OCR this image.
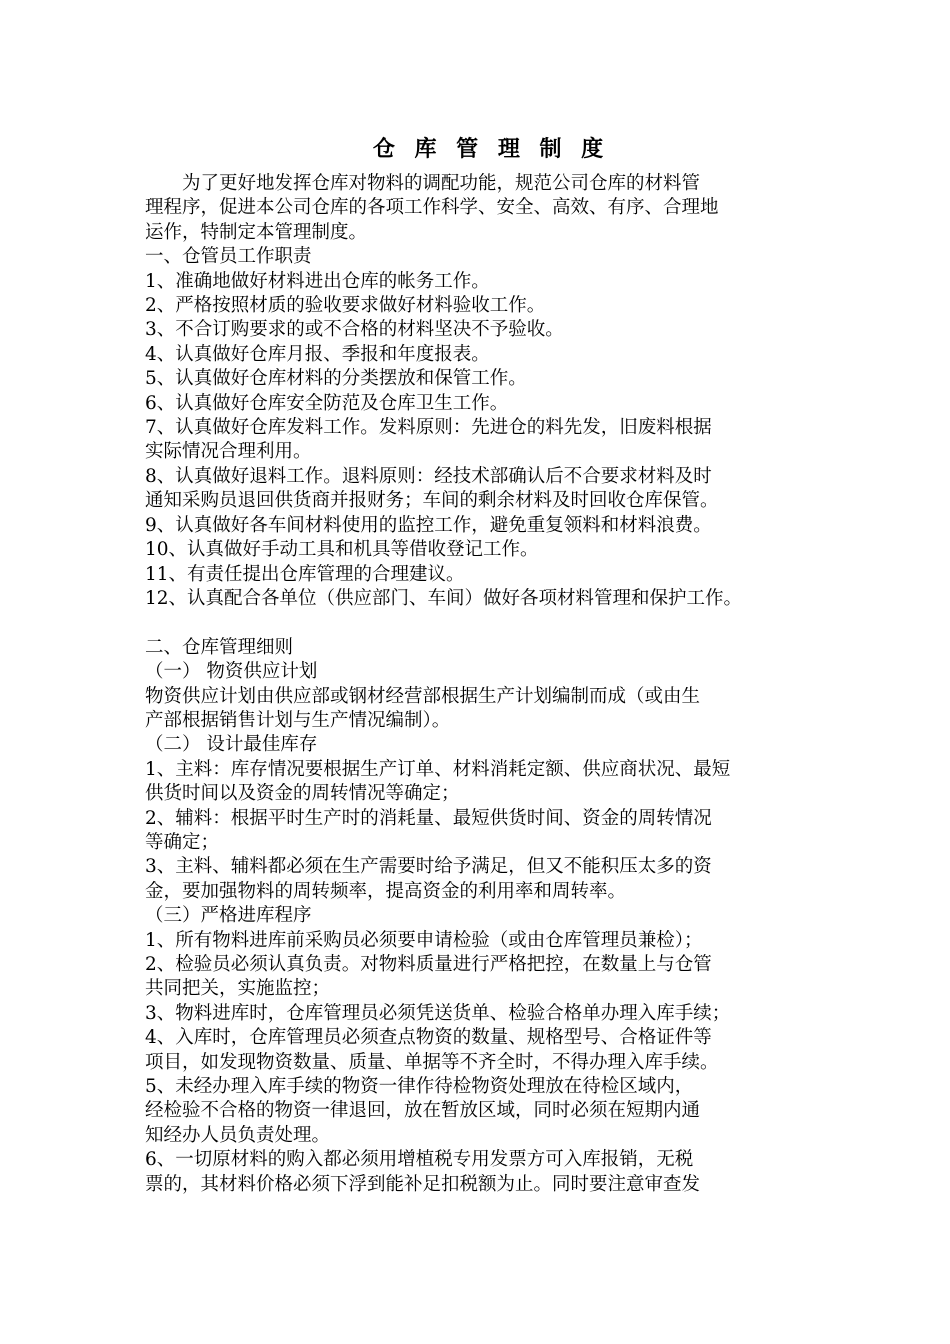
仓 库 管 理 制 度
为了更好地发挥仓库对物料的调配功能，规范公司仓库的材料管
理程序，促进本公司仓库的各项工作科学、安全、高效、有序、合理地
运作，特制定本管理制度。
一、仓管员工作职责
1、准确地做好材料进出仓库的帐务工作。
2、严格按照材质的验收要求做好材料验收工作。
3、不合订购要求的或不合格的材料坚决不予验收。
4、认真做好仓库月报、季报和年度报表。
5、认真做好仓库材料的分类摆放和保管工作。
6、认真做好仓库安全防范及仓库卫生工作。
7、认真做好仓库发料工作。发料原则：先进仓的料先发，旧废料根据
实际情况合理利用。
8、认真做好退料工作。退料原则：经技术部确认后不合要求材料及时
通知采购员退回供货商并报财务；车间的剩余材料及时回收仓库保管。
9、认真做好各车间材料使用的监控工作，避免重复领料和材料浪费。
10、认真做好手动工具和机具等借收登记工作。
11、有责任提出仓库管理的合理建议。
12、认真配合各单位（供应部门、车间）做好各项材料管理和保护工作。
二、仓库管理细则
（一） 物资供应计划
物资供应计划由供应部或钢材经营部根据生产计划编制而成（或由生
产部根据销售计划与生产情况编制）。
（二） 设计最佳库存
1、主料：库存情况要根据生产订单、材料消耗定额、供应商状况、最短
供货时间以及资金的周转情况等确定；
2、辅料：根据平时生产时的消耗量、最短供货时间、资金的周转情况
等确定；
3、主料、辅料都必须在生产需要时给予满足，但又不能积压太多的资
金，要加强物料的周转频率，提高资金的利用率和周转率。
（三）严格进库程序
1、所有物料进库前采购员必须要申请检验（或由仓库管理员兼检）；
2、检验员必须认真负责。对物料质量进行严格把控，在数量上与仓管
共同把关，实施监控；
3、物料进库时，仓库管理员必须凭送货单、检验合格单办理入库手续；
4、入库时，仓库管理员必须查点物资的数量、规格型号、合格证件等
项目，如发现物资数量、质量、单据等不齐全时，不得办理入库手续。
5、未经办理入库手续的物资一律作待检物资处理放在待检区域内，
经检验不合格的物资一律退回，放在暂放区域，同时必须在短期内通
知经办人员负责处理。
6、一切原材料的购入都必须用增植税专用发票方可入库报销，无税
票的，其材料价格必须下浮到能补足扣税额为止。同时要注意审查发
